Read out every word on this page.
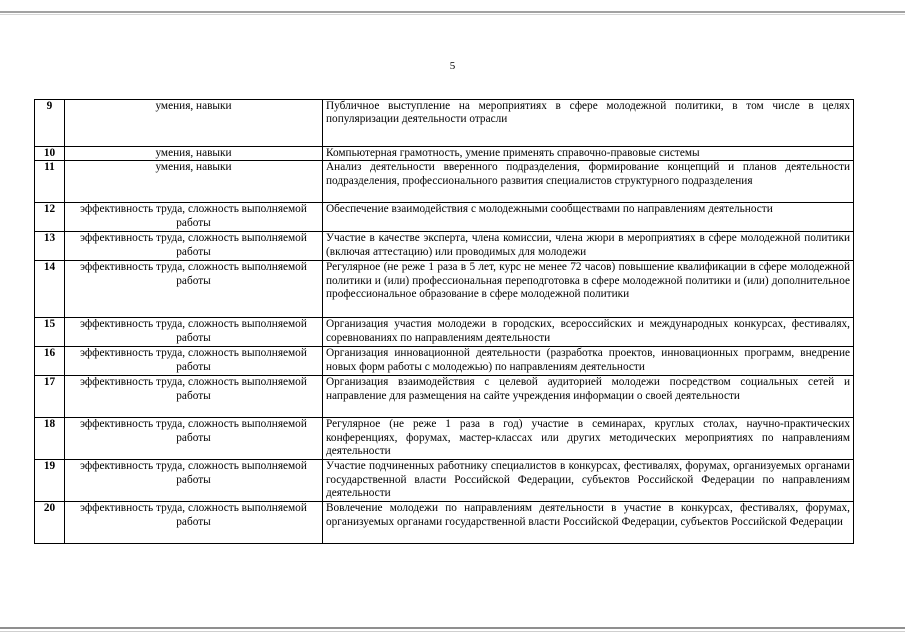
5
9	умения, навыки	Публичное выступление на мероприятиях в сфере молодежной политики, в том числе в целях популяризации деятельности отрасли
10	умения, навыки	Компьютерная грамотность, умение применять справочно-правовые системы
11	умения, навыки	Анализ деятельности вверенного подразделения, формирование концепций и планов деятельности подразделения, профессионального развития специалистов структурного подразделения
12	эффективность труда, сложность выполняемой работы	Обеспечение взаимодействия с молодежными сообществами по направлениям деятельности
13	эффективность труда, сложность выполняемой работы	Участие в качестве эксперта, члена комиссии, члена жюри в мероприятиях в сфере молодежной политики (включая аттестацию) или проводимых для молодежи
14	эффективность труда, сложность выполняемой работы	Регулярное (не реже 1 раза в 5 лет, курс не менее 72 часов) повышение квалификации в сфере молодежной политики и (или) профессиональная переподготовка в сфере молодежной политики и (или) дополнительное профессиональное образование в сфере молодежной политики
15	эффективность труда, сложность выполняемой работы	Организация участия молодежи в городских, всероссийских и международных конкурсах, фестивалях, соревнованиях по направлениям деятельности
16	эффективность труда, сложность выполняемой работы	Организация инновационной деятельности (разработка проектов, инновационных программ, внедрение новых форм работы с молодежью) по направлениям деятельности
17	эффективность труда, сложность выполняемой работы	Организация взаимодействия с целевой аудиторией молодежи посредством социальных сетей и направление для размещения на сайте учреждения информации о своей деятельности
18	эффективность труда, сложность выполняемой работы	Регулярное (не реже 1 раза в год) участие в семинарах, круглых столах, научно-практических конференциях, форумах, мастер-классах или других методических мероприятиях по направлениям деятельности
19	эффективность труда, сложность выполняемой работы	Участие подчиненных работнику специалистов в конкурсах, фестивалях, форумах, организуемых органами государственной власти Российской Федерации, субъектов Российской Федерации по направлениям деятельности
20	эффективность труда, сложность выполняемой работы	Вовлечение молодежи по направлениям деятельности в участие в конкурсах, фестивалях, форумах, организуемых органами государственной власти Российской Федерации, субъектов Российской Федерации
